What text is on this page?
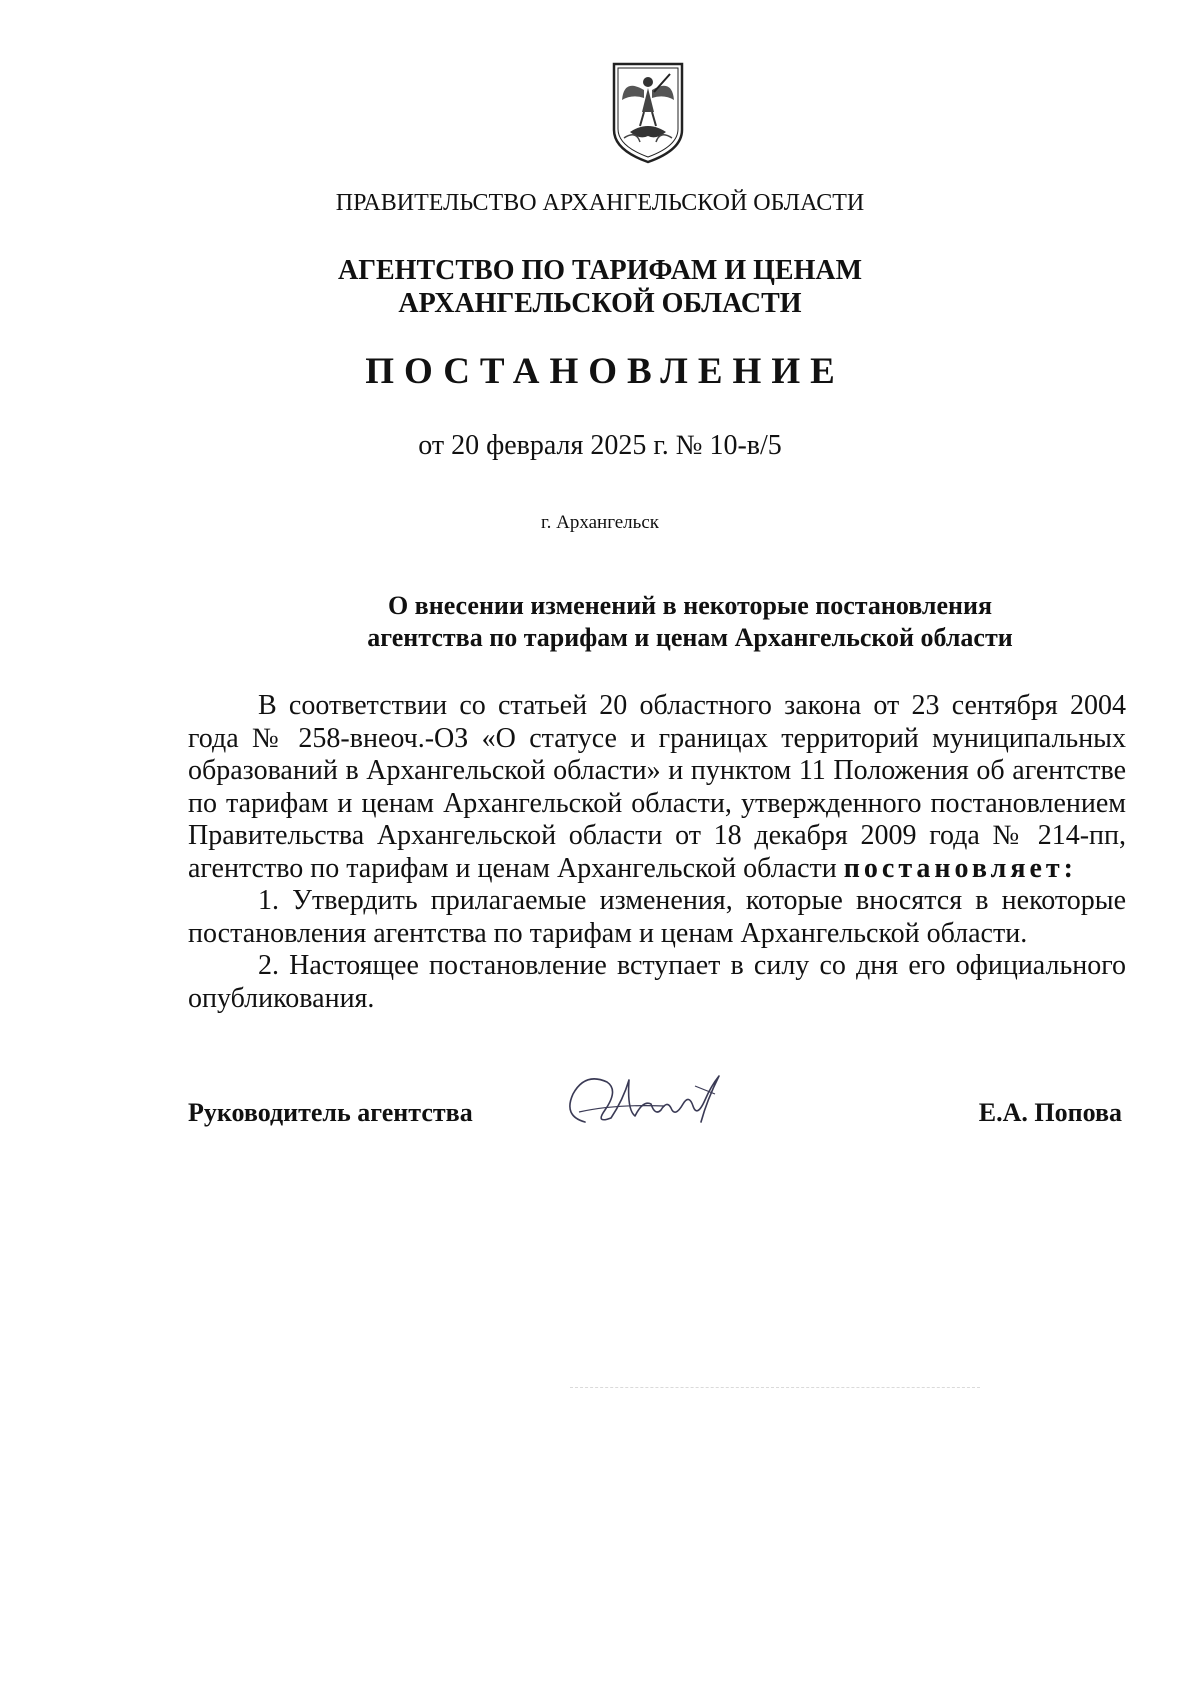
ПРАВИТЕЛЬСТВО АРХАНГЕЛЬСКОЙ ОБЛАСТИ
АГЕНТСТВО ПО ТАРИФАМ И ЦЕНАМ
АРХАНГЕЛЬСКОЙ ОБЛАСТИ
ПОСТАНОВЛЕНИЕ
от 20 февраля 2025 г. № 10-в/5
г. Архангельск
О внесении изменений в некоторые постановления
агентства по тарифам и ценам Архангельской области

В соответствии со статьей 20 областного закона от 23 сентября 2004 года № 258-внеоч.-ОЗ «О статусе и границах территорий муниципальных образований в Архангельской области» и пунктом 11 Положения об агентстве по тарифам и ценам Архангельской области, утвержденного постановлением Правительства Архангельской области от 18 декабря 2009 года № 214-пп, агентство по тарифам и ценам Архангельской области постановляет:

1. Утвердить прилагаемые изменения, которые вносятся в некоторые постановления агентства по тарифам и ценам Архангельской области.

2. Настоящее постановление вступает в силу со дня его официального опубликования.

Руководитель агентства	Е.А. Попова
